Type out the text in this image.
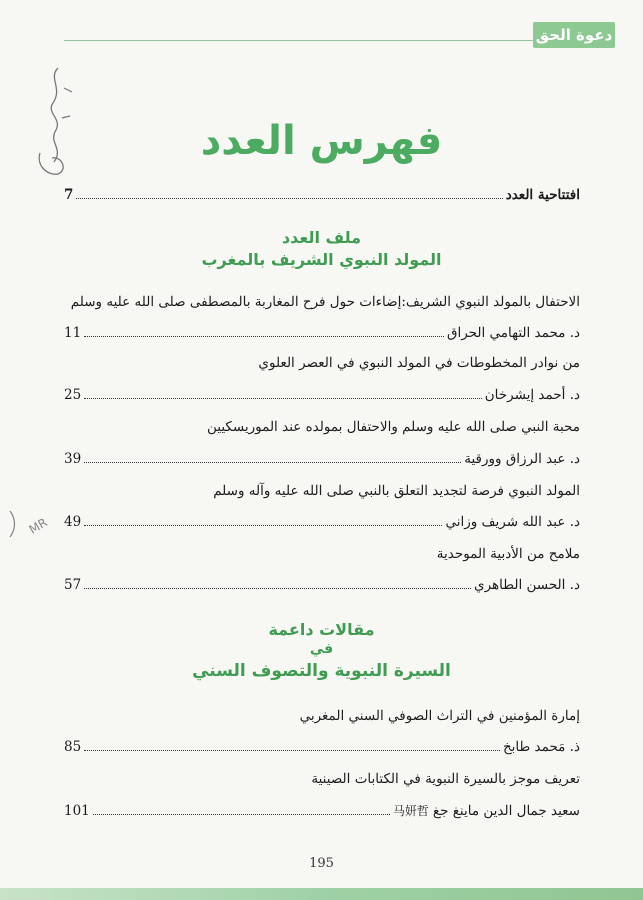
دعوة الحق
MR
فهرس العدد
افتتاحية العدد
7
ملف العدد
المولد النبوي الشريف بالمغرب
الاحتفال بالمولد النبوي الشريف:إضاءات حول فرح المغاربة بالمصطفى صلى الله عليه وسلم
د. محمد التهامي الحراق
11
من نوادر المخطوطات في المولد النبوي في العصر العلوي
د. أحمد إيشرخان
25
محبة النبي صلى الله عليه وسلم والاحتفال بمولده عند الموريسكيين
د. عبد الرزاق وورقية
39
المولد النبوي فرصة لتجديد التعلق بالنبي صلى الله عليه وآله وسلم
د. عبد الله شريف وزاني
49
ملامح من الأدبية الموحدية
د. الحسن الطاهري
57
مقالات داعمة
في
السيرة النبوية والتصوف السني
إمارة المؤمنين في التراث الصوفي السني المغربي
ذ. مَحمد طابخ
85
تعريف موجز بالسيرة النبوية في الكتابات الصينية
سعيد جمال الدين ماينغ جغ
马妍哲
101
195
